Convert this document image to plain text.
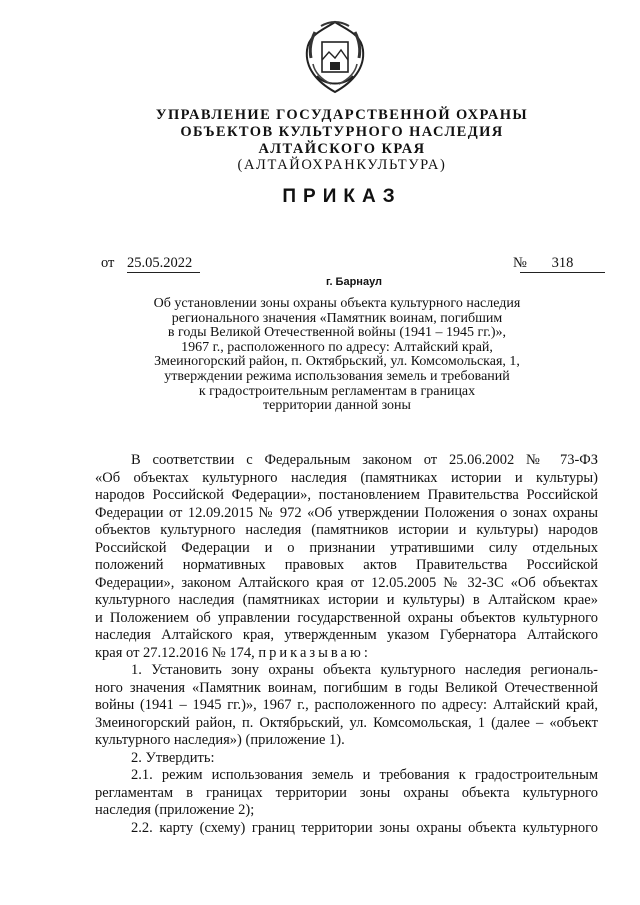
УПРАВЛЕНИЕ ГОСУДАРСТВЕННОЙ ОХРАНЫ
ОБЪЕКТОВ КУЛЬТУРНОГО НАСЛЕДИЯ
АЛТАЙСКОГО КРАЯ
(АЛТАЙОХРАНКУЛЬТУРА)
ПРИКАЗ
от 25.05.2022	№	318
г. Барнаул
Об установлении зоны охраны объекта культурного наследия
регионального значения «Памятник воинам, погибшим
в годы Великой Отечественной войны (1941 – 1945 гг.)»,
1967 г., расположенного по адресу: Алтайский край,
Змеиногорский район, п. Октябрьский, ул. Комсомольская, 1,
утверждении режима использования земель и требований
к градостроительным регламентам в границах
территории данной зоны

В соответствии с Федеральным законом от 25.06.2002 № 73-ФЗ

«Об объектах культурного наследия (памятниках истории и культуры)

народов Российской Федерации», постановлением Правительства Российской

Федерации от 12.09.2015 № 972 «Об утверждении Положения о зонах охраны

объектов культурного наследия (памятников истории и культуры) народов

Российской Федерации и о признании утратившими силу отдельных

положений нормативных правовых актов Правительства Российской

Федерации», законом Алтайского края от 12.05.2005 № 32-ЗС «Об объектах

культурного наследия (памятниках истории и культуры) в Алтайском крае»

и Положением об управлении государственной охраны объектов культурного

наследия Алтайского края, утвержденным указом Губернатора Алтайского

края от 27.12.2016 № 174, приказываю:

1. Установить зону охраны объекта культурного наследия региональ-

ного значения «Памятник воинам, погибшим в годы Великой Отечественной

войны (1941 – 1945 гг.)», 1967 г., расположенного по адресу: Алтайский край,

Змеиногорский район, п. Октябрьский, ул. Комсомольская, 1 (далее – «объект

культурного наследия») (приложение 1).

2. Утвердить:

2.1. режим использования земель и требования к градостроительным

регламентам в границах территории зоны охраны объекта культурного

наследия (приложение 2);

2.2. карту (схему) границ территории зоны охраны объекта культурного
